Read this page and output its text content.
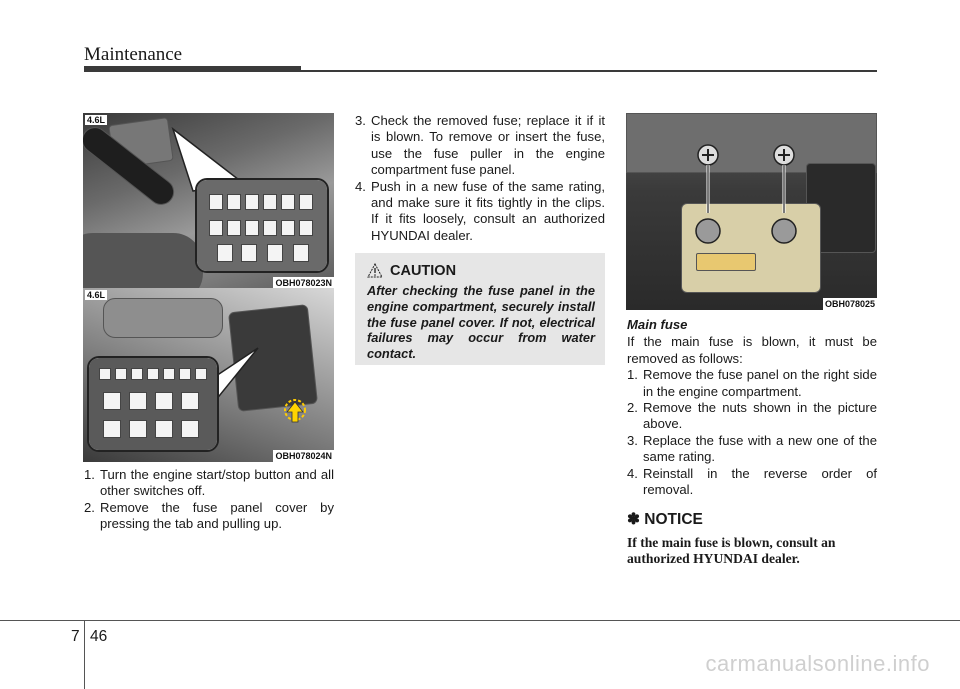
Maintenance
4.6L
OBH078023N
4.6L
OBH078024N
OBH078025
1. Turn the engine start/stop button and all other switches off.
2. Remove the fuse panel cover by pressing the tab and pulling up.
3. Check the removed fuse; replace it if it is blown. To remove or insert the fuse, use the fuse puller in the engine compartment fuse panel.
4. Push in a new fuse of the same rating, and make sure it fits tightly in the clips. If it fits loosely, consult an authorized HYUNDAI dealer.
CAUTION
After checking the fuse panel in the engine compartment, securely install the fuse panel cover. If not, electrical failures may occur from water contact.
Main fuse
If the main fuse is blown, it must be removed as follows:
1. Remove the fuse panel on the right side in the engine compartment.
2. Remove the nuts shown in the picture above.
3. Replace the fuse with a new one of the same rating.
4. Reinstall in the reverse order of removal.
✽ NOTICE
If the main fuse is blown, consult an authorized HYUNDAI dealer.
7 46
carmanualsonline.info
